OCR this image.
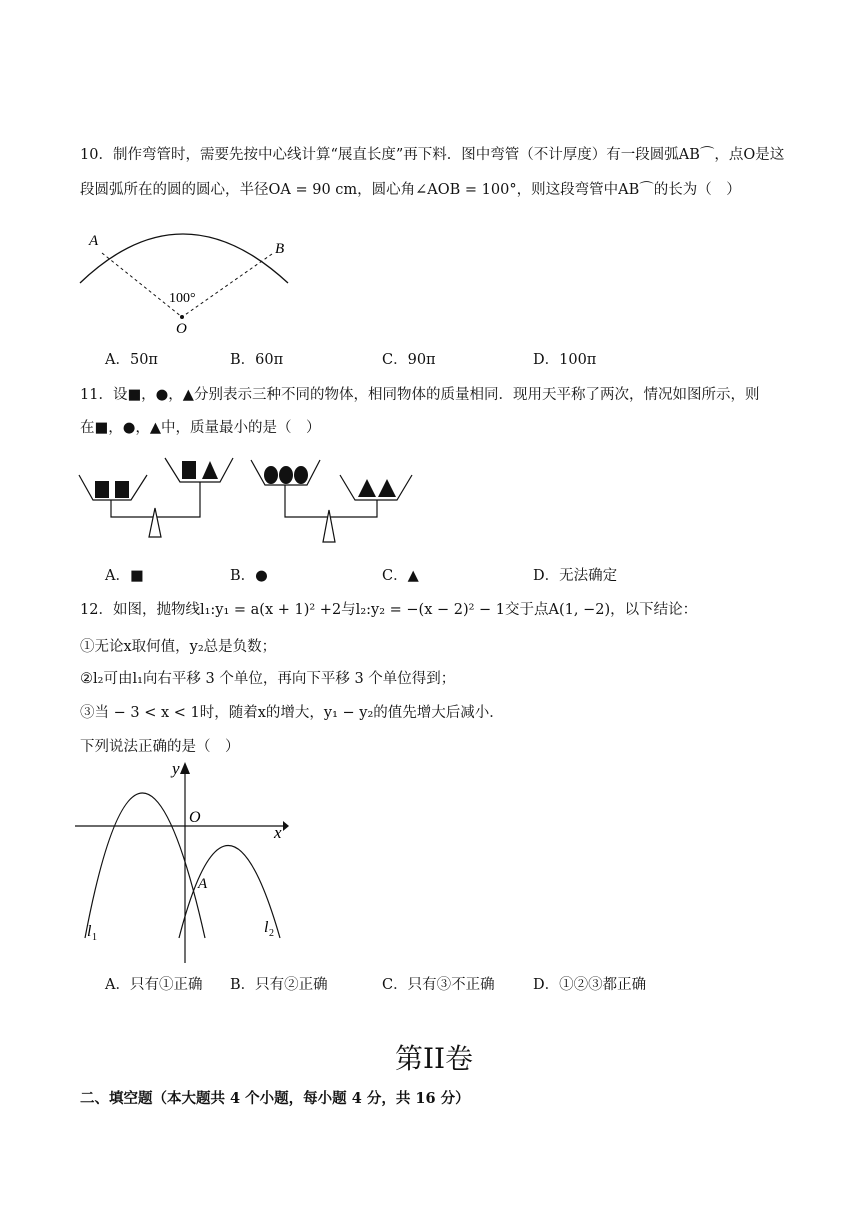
10．制作弯管时，需要先按中心线计算“展直长度”再下料．图中弯管（不计厚度）有一段圆弧AB⌒，点O是这
段圆弧所在的圆的圆心，半径OA = 90 cm，圆心角∠AOB = 100°，则这段弯管中AB⌒的长为（　）
A	B
O
100°
A．50π	B．60π	C．90π	D．100π
11．设■，●，▲分别表示三种不同的物体，相同物体的质量相同．现用天平称了两次，情况如图所示，则
在■，●，▲中，质量最小的是（　）
A．■	B．●	C．▲	D．无法确定
12．如图，抛物线l₁:y₁ = a(x + 1)² +2与l₂:y₂ = −(x − 2)² − 1交于点A(1, −2)，以下结论：
①无论x取何值，y₂总是负数；
②l₂可由l₁向右平移 3 个单位，再向下平移 3 个单位得到；
③当 − 3 < x < 1时，随着x的增大，y₁ − y₂的值先增大后减小．
下列说法正确的是（　）
y
x
O
A
l 1
l 2
A．只有①正确 B．只有②正确	C．只有③不正确	D．①②③都正确
第II卷
二、填空题（本大题共 4 个小题，每小题 4 分，共 16 分）
